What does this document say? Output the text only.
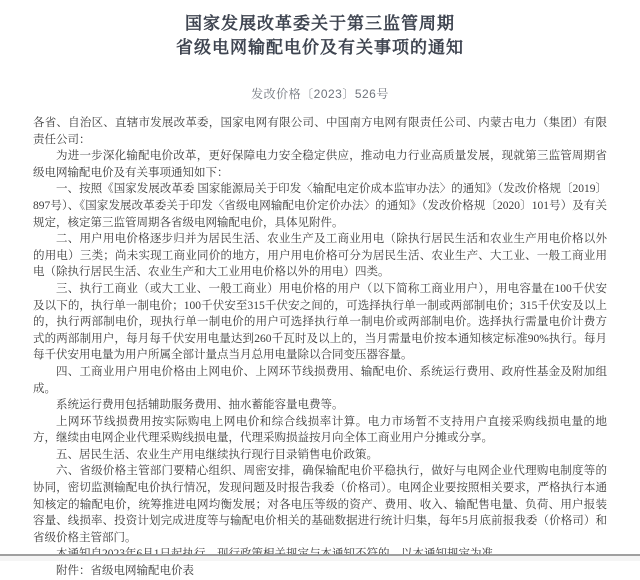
国家发展改革委关于第三监管周期
省级电网输配电价及有关事项的通知
发改价格〔2023〕526号

各省、自治区、直辖市发展改革委，国家电网有限公司、中国南方电网有限责任公司、内蒙古电力（集团）有限责任公司：

为进一步深化输配电价改革，更好保障电力安全稳定供应，推动电力行业高质量发展，现就第三监管周期省级电网输配电价及有关事项通知如下：

一、按照《国家发展改革委 国家能源局关于印发〈输配电定价成本监审办法〉的通知》（发改价格规〔2019〕897号）、《国家发展改革委关于印发〈省级电网输配电价定价办法〉的通知》（发改价格规〔2020〕101号）及有关规定，核定第三监管周期各省级电网输配电价，具体见附件。

二、用户用电价格逐步归并为居民生活、农业生产及工商业用电（除执行居民生活和农业生产用电价格以外的用电）三类；尚未实现工商业同价的地方，用户用电价格可分为居民生活、农业生产、大工业、一般工商业用电（除执行居民生活、农业生产和大工业用电价格以外的用电）四类。

三、执行工商业（或大工业、一般工商业）用电价格的用户（以下简称工商业用户），用电容量在100千伏安及以下的，执行单一制电价；100千伏安至315千伏安之间的，可选择执行单一制或两部制电价；315千伏安及以上的，执行两部制电价，现执行单一制电价的用户可选择执行单一制电价或两部制电价。选择执行需量电价计费方式的两部制用户，每月每千伏安用电量达到260千瓦时及以上的，当月需量电价按本通知核定标准90%执行。每月每千伏安用电量为用户所属全部计量点当月总用电量除以合同变压器容量。

四、工商业用户用电价格由上网电价、上网环节线损费用、输配电价、系统运行费用、政府性基金及附加组成。

系统运行费用包括辅助服务费用、抽水蓄能容量电费等。

上网环节线损费用按实际购电上网电价和综合线损率计算。电力市场暂不支持用户直接采购线损电量的地方，继续由电网企业代理采购线损电量，代理采购损益按月向全体工商业用户分摊或分享。

五、居民生活、农业生产用电继续执行现行目录销售电价政策。

六、省级价格主管部门要精心组织、周密安排，确保输配电价平稳执行，做好与电网企业代理购电制度等的协同，密切监测输配电价执行情况，发现问题及时报告我委（价格司）。电网企业要按照相关要求，严格执行本通知核定的输配电价，统筹推进电网均衡发展；对各电压等级的资产、费用、收入、输配售电量、负荷、用户报装容量、线损率、投资计划完成进度等与输配电价相关的基础数据进行统计归集，每年5月底前报我委（价格司）和省级价格主管部门。

附件：省级电网输配电价表
